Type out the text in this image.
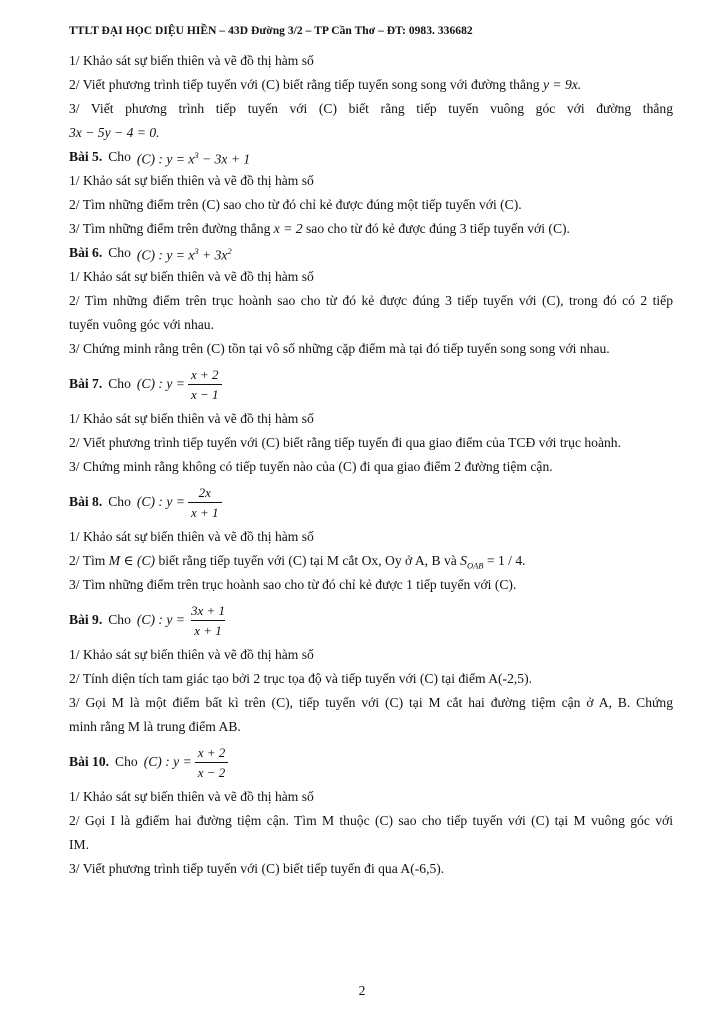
TTLT ĐẠI HỌC DIỆU HIỀN – 43D Đường 3/2 – TP Cần Thơ – ĐT: 0983. 336682
1/ Khảo sát sự biến thiên và vẽ đồ thị hàm số
2/ Viết phương trình tiếp tuyến với (C) biết rằng tiếp tuyến song song với đường thẳng y = 9x.
3/ Viết phương trình tiếp tuyến với (C) biết rằng tiếp tuyến vuông góc với đường thẳng
3x − 5y − 4 = 0.
Bài 5. Cho (C) : $y = x^3 - 3x + 1$
1/ Khảo sát sự biến thiên và vẽ đồ thị hàm số
2/ Tìm những điểm trên (C) sao cho từ đó chỉ kẻ được đúng một tiếp tuyến với (C).
3/ Tìm những điểm trên đường thẳng x = 2 sao cho từ đó kẻ được đúng 3 tiếp tuyến với (C).
Bài 6. Cho (C) : $y = x^3 + 3x^2$
1/ Khảo sát sự biến thiên và vẽ đồ thị hàm số
2/ Tìm những điểm trên trục hoành sao cho từ đó kẻ được đúng 3 tiếp tuyến với (C), trong đó có 2 tiếp
tuyến vuông góc với nhau.
3/ Chứng minh rằng trên (C) tồn tại vô số những cặp điểm mà tại đó tiếp tuyến song song với nhau.
Bài 7. Cho (C) : $y = \frac{x + 2}{x - 1}$
1/ Khảo sát sự biến thiên và vẽ đồ thị hàm số
2/ Viết phương trình tiếp tuyến với (C) biết rằng tiếp tuyến đi qua giao điểm của TCĐ với trục hoành.
3/ Chứng minh rằng không có tiếp tuyến nào của (C) đi qua giao điểm 2 đường tiệm cận.
Bài 8. Cho (C) : $y = \frac{2x}{x + 1}$
1/ Khảo sát sự biến thiên và vẽ đồ thị hàm số
2/ Tìm M ∈ (C) biết rằng tiếp tuyến với (C) tại M cắt Ox, Oy ở A, B và $S_{OAB} = 1 / 4$.
3/ Tìm những điểm trên trục hoành sao cho từ đó chỉ kẻ được 1 tiếp tuyến với (C).
Bài 9. Cho (C) : $y = \frac{3x + 1}{x + 1}$
1/ Khảo sát sự biến thiên và vẽ đồ thị hàm số
2/ Tính diện tích tam giác tạo bởi 2 trục tọa độ và tiếp tuyến với (C) tại điểm A(-2,5).
3/ Gọi M là một điểm bất kì trên (C), tiếp tuyến với (C) tại M cắt hai đường tiệm cận ở A, B. Chứng
minh rằng M là trung điểm AB.
Bài 10. Cho (C) : $y = \frac{x + 2}{x - 2}$
1/ Khảo sát sự biến thiên và vẽ đồ thị hàm số
2/ Gọi I là gđiểm hai đường tiệm cận. Tìm M thuộc (C) sao cho tiếp tuyến với (C) tại M vuông góc với
IM.
3/ Viết phương trình tiếp tuyến với (C) biết tiếp tuyến đi qua A(-6,5).
2
